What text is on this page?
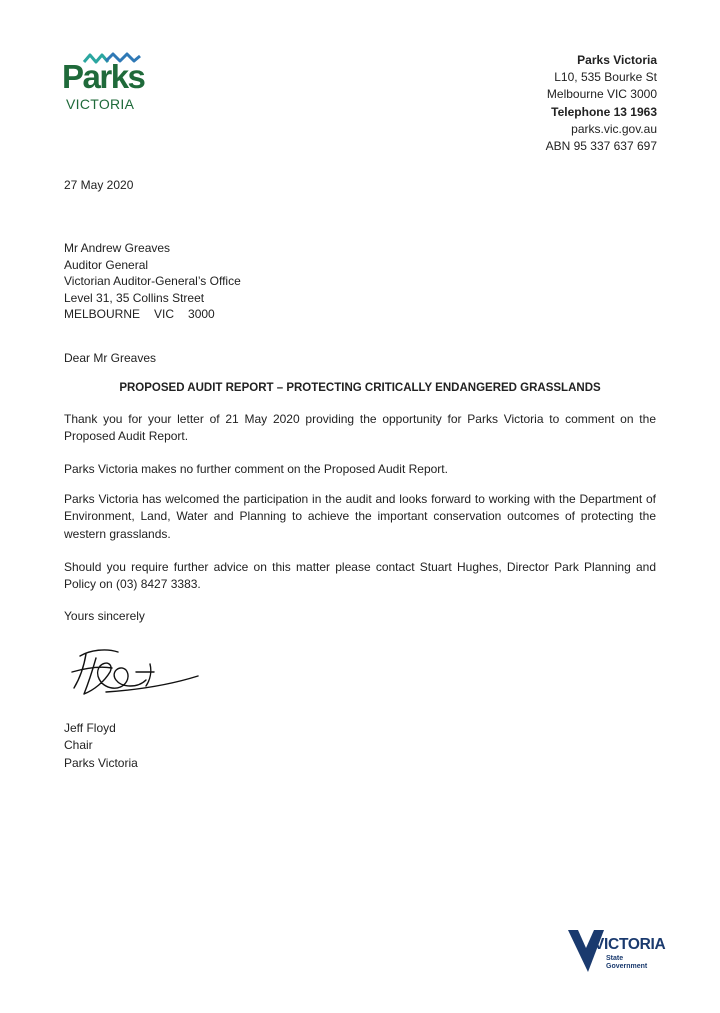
Parks
VICTORIA
Parks Victoria
L10, 535 Bourke St
Melbourne VIC 3000
Telephone 13 1963
parks.vic.gov.au
ABN 95 337 637 697
27 May 2020
Mr Andrew Greaves
Auditor General
Victorian Auditor-General’s Office
Level 31, 35 Collins Street
MELBOURNE VIC 3000
Dear Mr Greaves
PROPOSED AUDIT REPORT – PROTECTING CRITICALLY ENDANGERED GRASSLANDS
Thank you for your letter of 21 May 2020 providing the opportunity for Parks Victoria to comment on the Proposed Audit Report.
Parks Victoria makes no further comment on the Proposed Audit Report.
Parks Victoria has welcomed the participation in the audit and looks forward to working with the Department of Environment, Land, Water and Planning to achieve the important conservation outcomes of protecting the western grasslands.
Should you require further advice on this matter please contact Stuart Hughes, Director Park Planning and Policy on (03) 8427 3383.
Yours sincerely
Jeff Floyd
Chair
Parks Victoria
VICTORIA
State
Government
